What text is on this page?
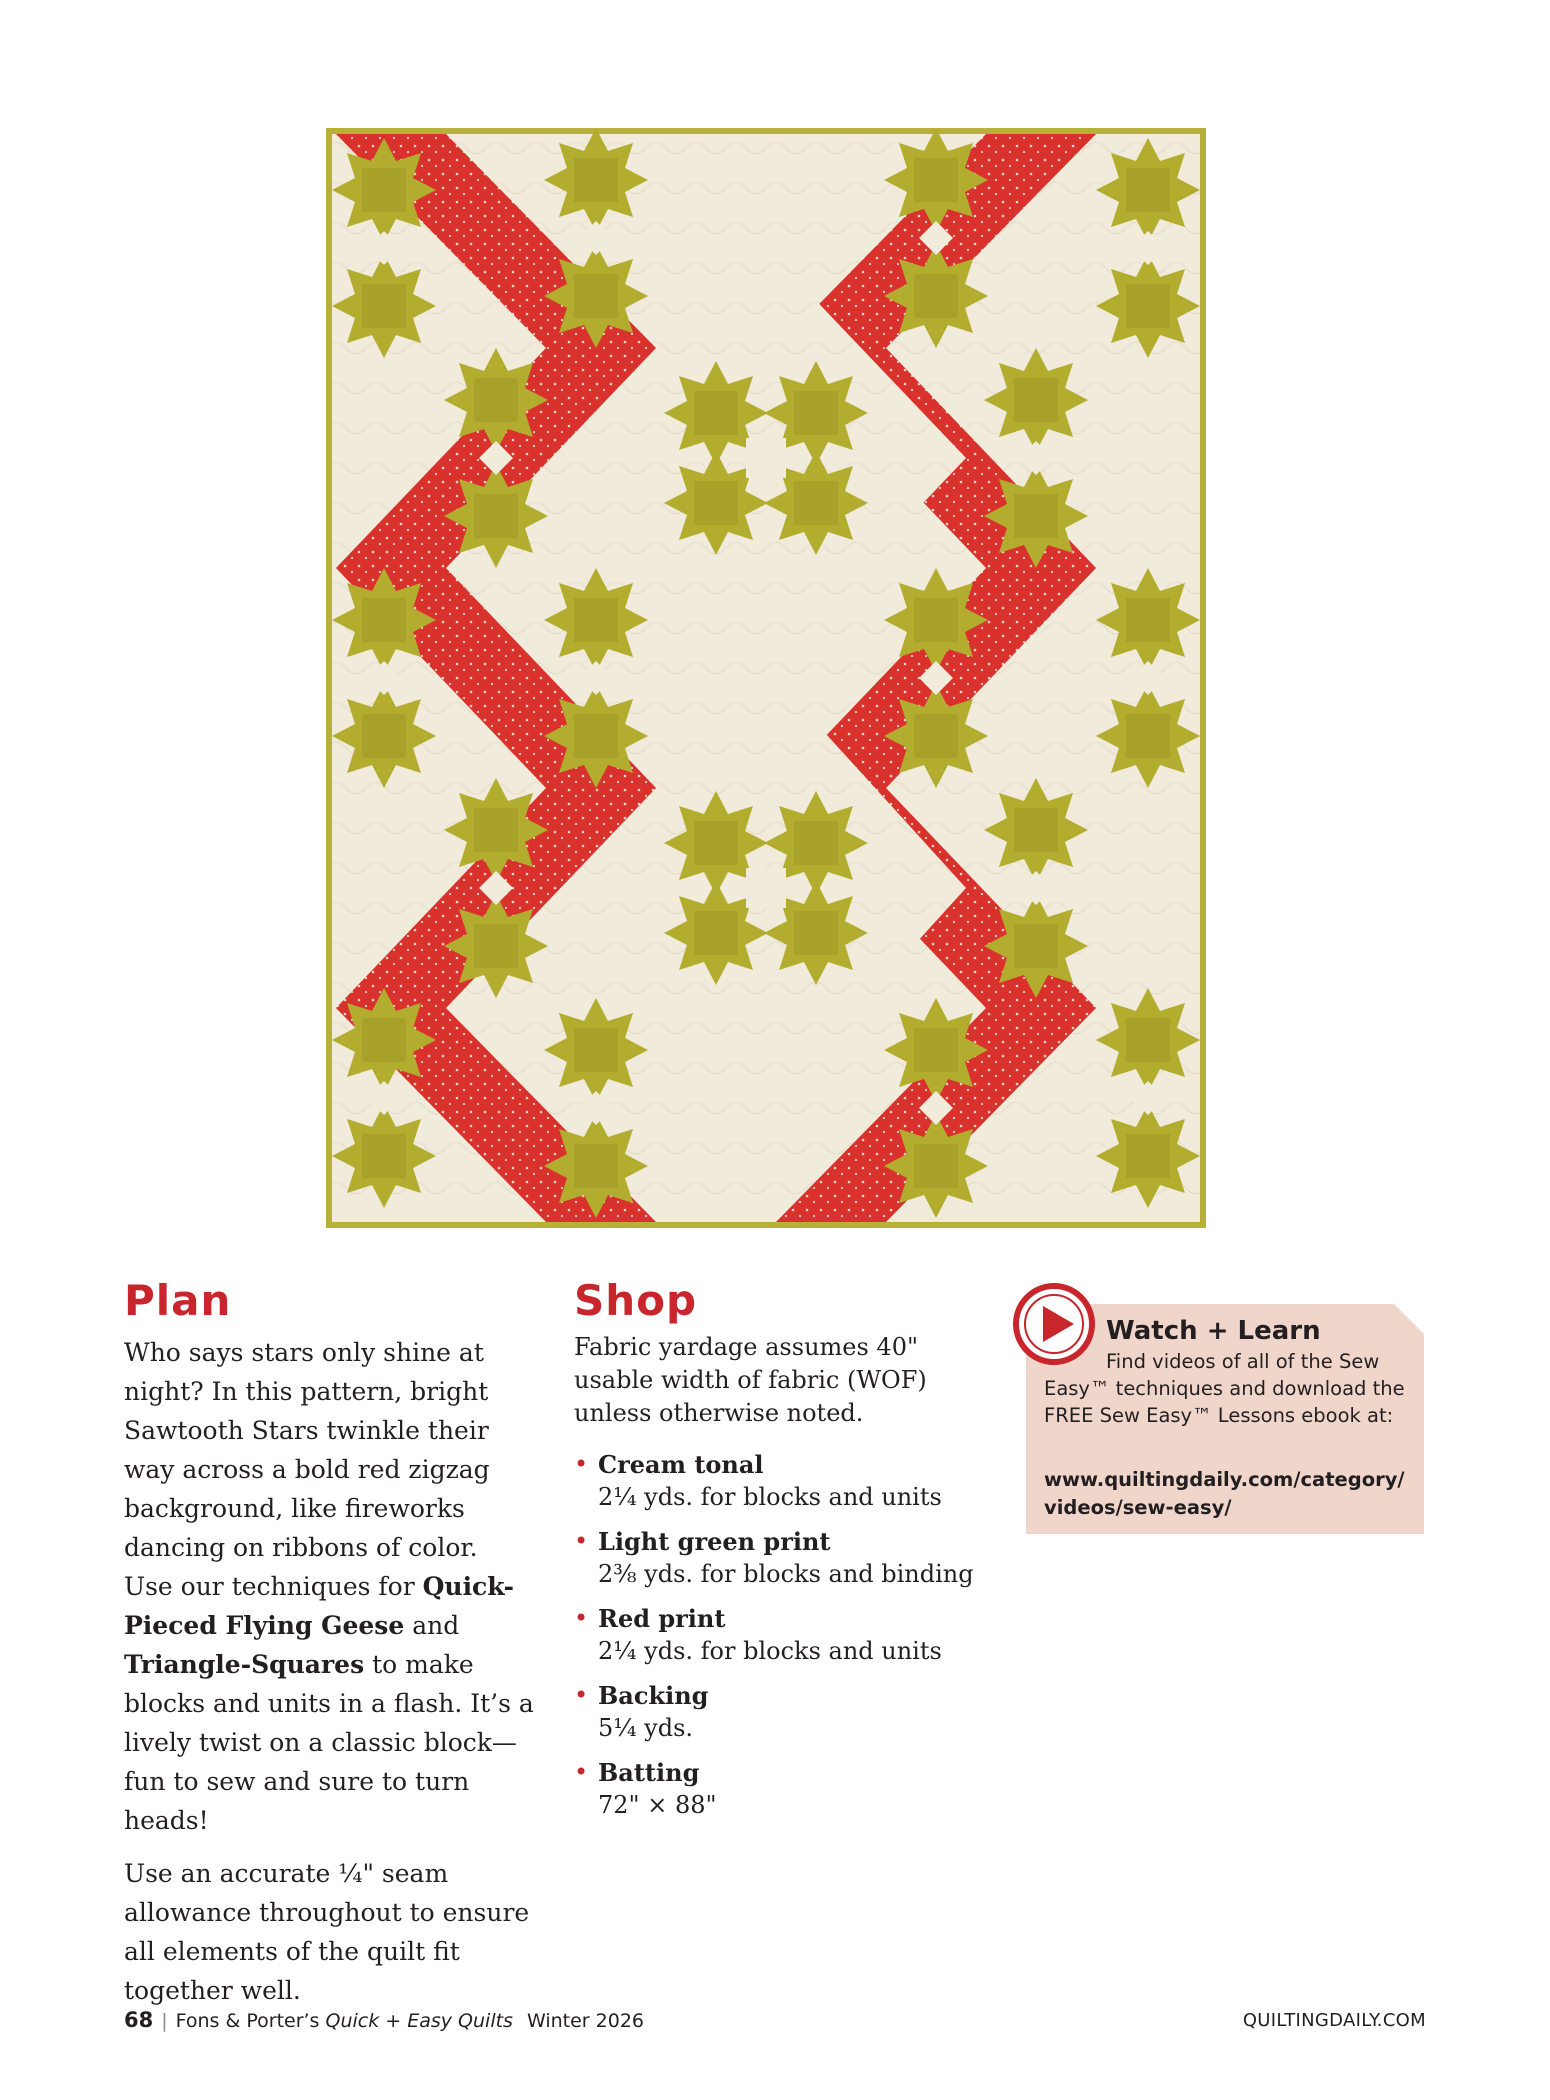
Plan

Who says stars only shine at night? In this pattern, bright Sawtooth Stars twinkle their way across a bold red zigzag background, like fireworks dancing on ribbons of color. Use our techniques for Quick-Pieced Flying Geese and Triangle-Squares to make blocks and units in a flash. It’s a lively twist on a classic block—fun to sew and sure to turn heads!

Use an accurate ¼" seam allowance throughout to ensure all elements of the quilt fit together well.

Shop

Fabric yardage assumes 40" usable width of fabric (WOF) unless otherwise noted.

• Cream tonal
2¼ yds. for blocks and units
• Light green print
2⅜ yds. for blocks and binding
• Red print
2¼ yds. for blocks and units
• Backing
5¼ yds.
• Batting
72" × 88"
Watch + Learn

Find videos of all of the Sew Easy™ techniques and download the FREE Sew Easy™ Lessons ebook at:

www.quiltingdaily.com/category/
videos/sew-easy/

68 | Fons & Porter’s Quick + Easy Quilts Winter 2026	QUILTINGDAILY.COM
